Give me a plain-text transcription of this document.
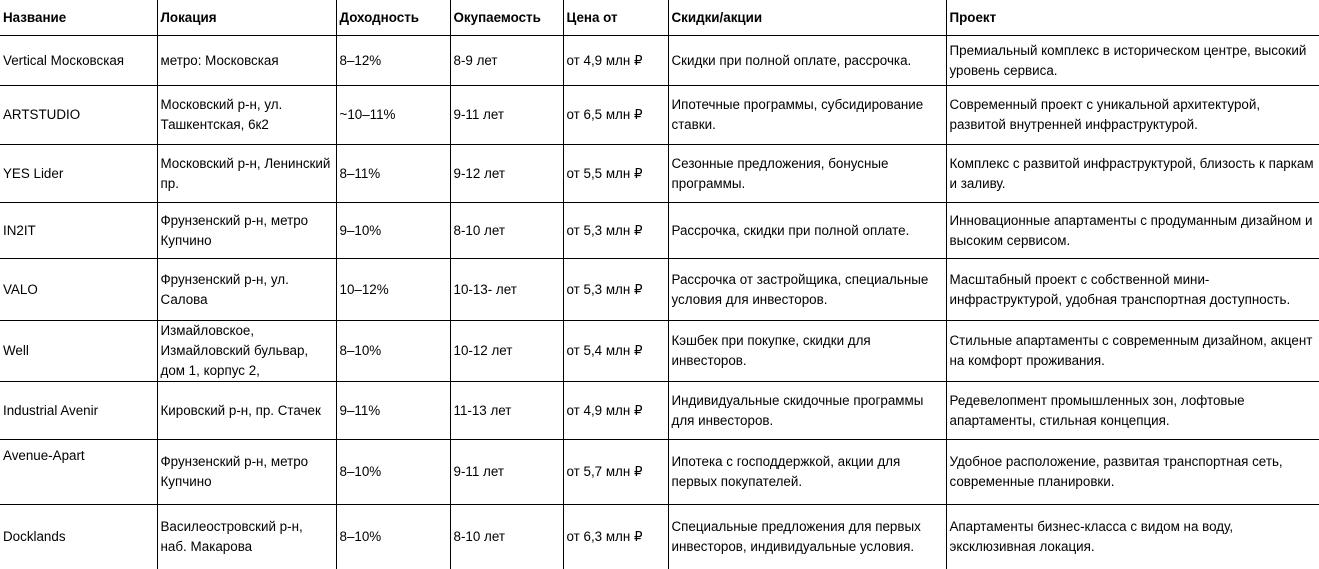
Название	Локация	Доходность	Окупаемость	Цена от	Скидки/акции	Проект
Vertical Московская	метро: Московская	8–12%	8-9 лет	от 4,9 млн ₽	Скидки при полной оплате, рассрочка.	Премиальный комплекс в историческом центре, высокий уровень сервиса.
ARTSTUDIO	Московский р-н, ул. Ташкентская, 6к2	~10–11%	9-11 лет	от 6,5 млн ₽	Ипотечные программы, субсидирование ставки.	Современный проект с уникальной архитектурой, развитой внутренней инфраструктурой.
YES Lider	Московский р-н, Ленинский пр.	8–11%	9-12 лет	от 5,5 млн ₽	Сезонные предложения, бонусные программы.	Комплекс с развитой инфраструктурой, близость к паркам и заливу.
IN2IT	Фрунзенский р-н, метро Купчино	9–10%	8-10 лет	от 5,3 млн ₽	Рассрочка, скидки при полной оплате.	Инновационные апартаменты с продуманным дизайном и высоким сервисом.
VALO	Фрунзенский р-н, ул. Салова	10–12%	10-13- лет	от 5,3 млн ₽	Рассрочка от застройщика, специальные условия для инвесторов.	Масштабный проект с собственной мини-инфраструктурой, удобная транспортная доступность.
Well	Измайловское, Измайловский бульвар, дом 1, корпус 2,	8–10%	10-12 лет	от 5,4 млн ₽	Кэшбек при покупке, скидки для инвесторов.	Стильные апартаменты с современным дизайном, акцент на комфорт проживания.
Industrial Avenir	Кировский р-н, пр. Стачек	9–11%	11-13 лет	от 4,9 млн ₽	Индивидуальные скидочные программы для инвесторов.	Редевелопмент промышленных зон, лофтовые апартаменты, стильная концепция.
Avenue-Apart	Фрунзенский р-н, метро Купчино	8–10%	9-11 лет	от 5,7 млн ₽	Ипотека с господдержкой, акции для первых покупателей.	Удобное расположение, развитая транспортная сеть, современные планировки.
Docklands	Василеостровский р-н, наб. Макарова	8–10%	8-10 лет	от 6,3 млн ₽	Специальные предложения для первых инвесторов, индивидуальные условия.	Апартаменты бизнес-класса с видом на воду, эксклюзивная локация.
